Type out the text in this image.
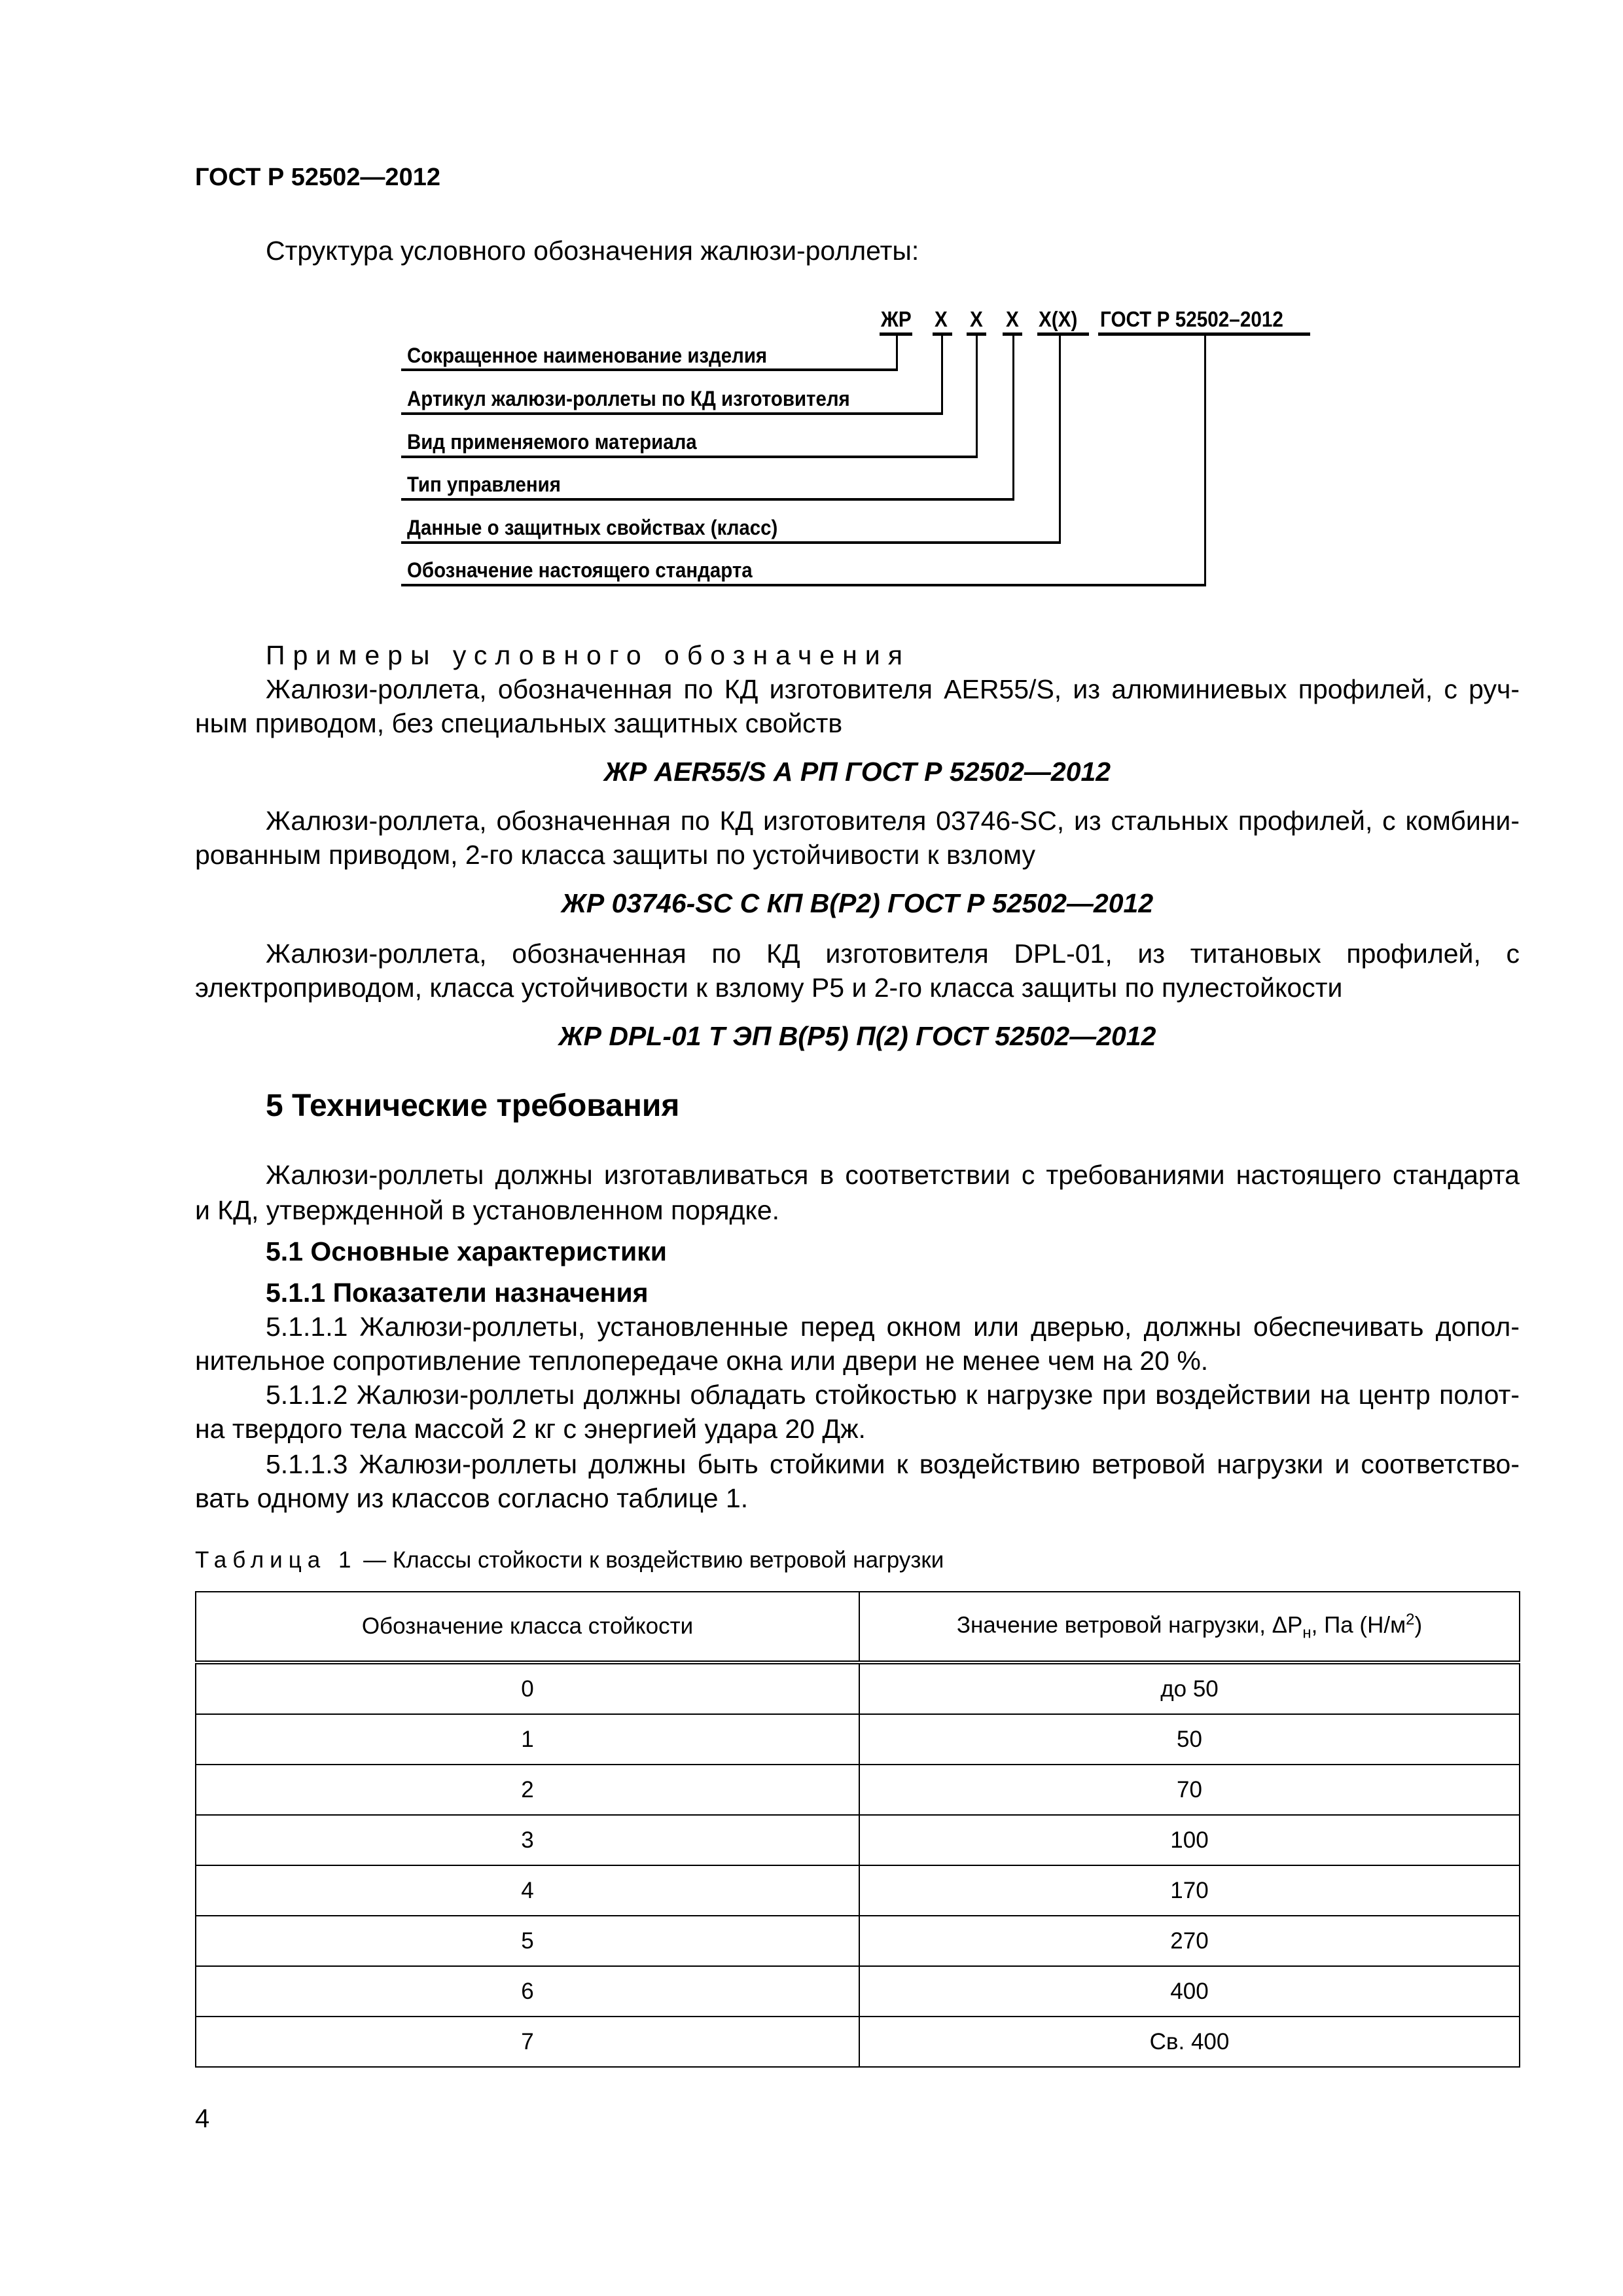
ГОСТ Р 52502—2012
Структура условного обозначения жалюзи-роллеты:
ЖР Х Х Х Х(Х) ГОСТ Р 52502–2012
Сокращенное наименование изделия
Артикул жалюзи-роллеты по КД изготовителя
Вид применяемого материала
Тип управления
Данные о защитных свойствах (класс)
Обозначение настоящего стандарта
Примеры условного обозначения
Жалюзи-роллета, обозначенная по КД изготовителя AER55/S, из алюминиевых профилей, с руч-
ным приводом, без специальных защитных свойств
ЖР AER55/S А РП ГОСТ Р 52502—2012
Жалюзи-роллета, обозначенная по КД изготовителя 03746-SC, из стальных профилей, с комбини-
рованным приводом, 2-го класса защиты по устойчивости к взлому
ЖР 03746-SC С КП В(Р2) ГОСТ Р 52502—2012
Жалюзи-роллета, обозначенная по КД изготовителя DPL-01, из титановых профилей, с
электроприводом, класса устойчивости к взлому Р5 и 2-го класса защиты по пулестойкости
ЖР DPL-01 Т ЭП В(Р5) П(2) ГОСТ 52502—2012
5 Технические требования
Жалюзи-роллеты должны изготавливаться в соответствии с требованиями настоящего стандарта
и КД, утвержденной в установленном порядке.
5.1 Основные характеристики
5.1.1 Показатели назначения
5.1.1.1 Жалюзи-роллеты, установленные перед окном или дверью, должны обеспечивать допол-
нительное сопротивление теплопередаче окна или двери не менее чем на 20 %.
5.1.1.2 Жалюзи-роллеты должны обладать стойкостью к нагрузке при воздействии на центр полот-
на твердого тела массой 2 кг с энергией удара 20 Дж.
5.1.1.3 Жалюзи-роллеты должны быть стойкими к воздействию ветровой нагрузки и соответство-
вать одному из классов согласно таблице 1.
Таблица 1 — Классы стойкости к воздействию ветровой нагрузки
Обозначение класса стойкости	Значение ветровой нагрузки, $\Delta P_н$, Па $(Н/м^2)$
0	до 50
1	50
2	70
3	100
4	170
5	270
6	400
7	Св. 400
4
